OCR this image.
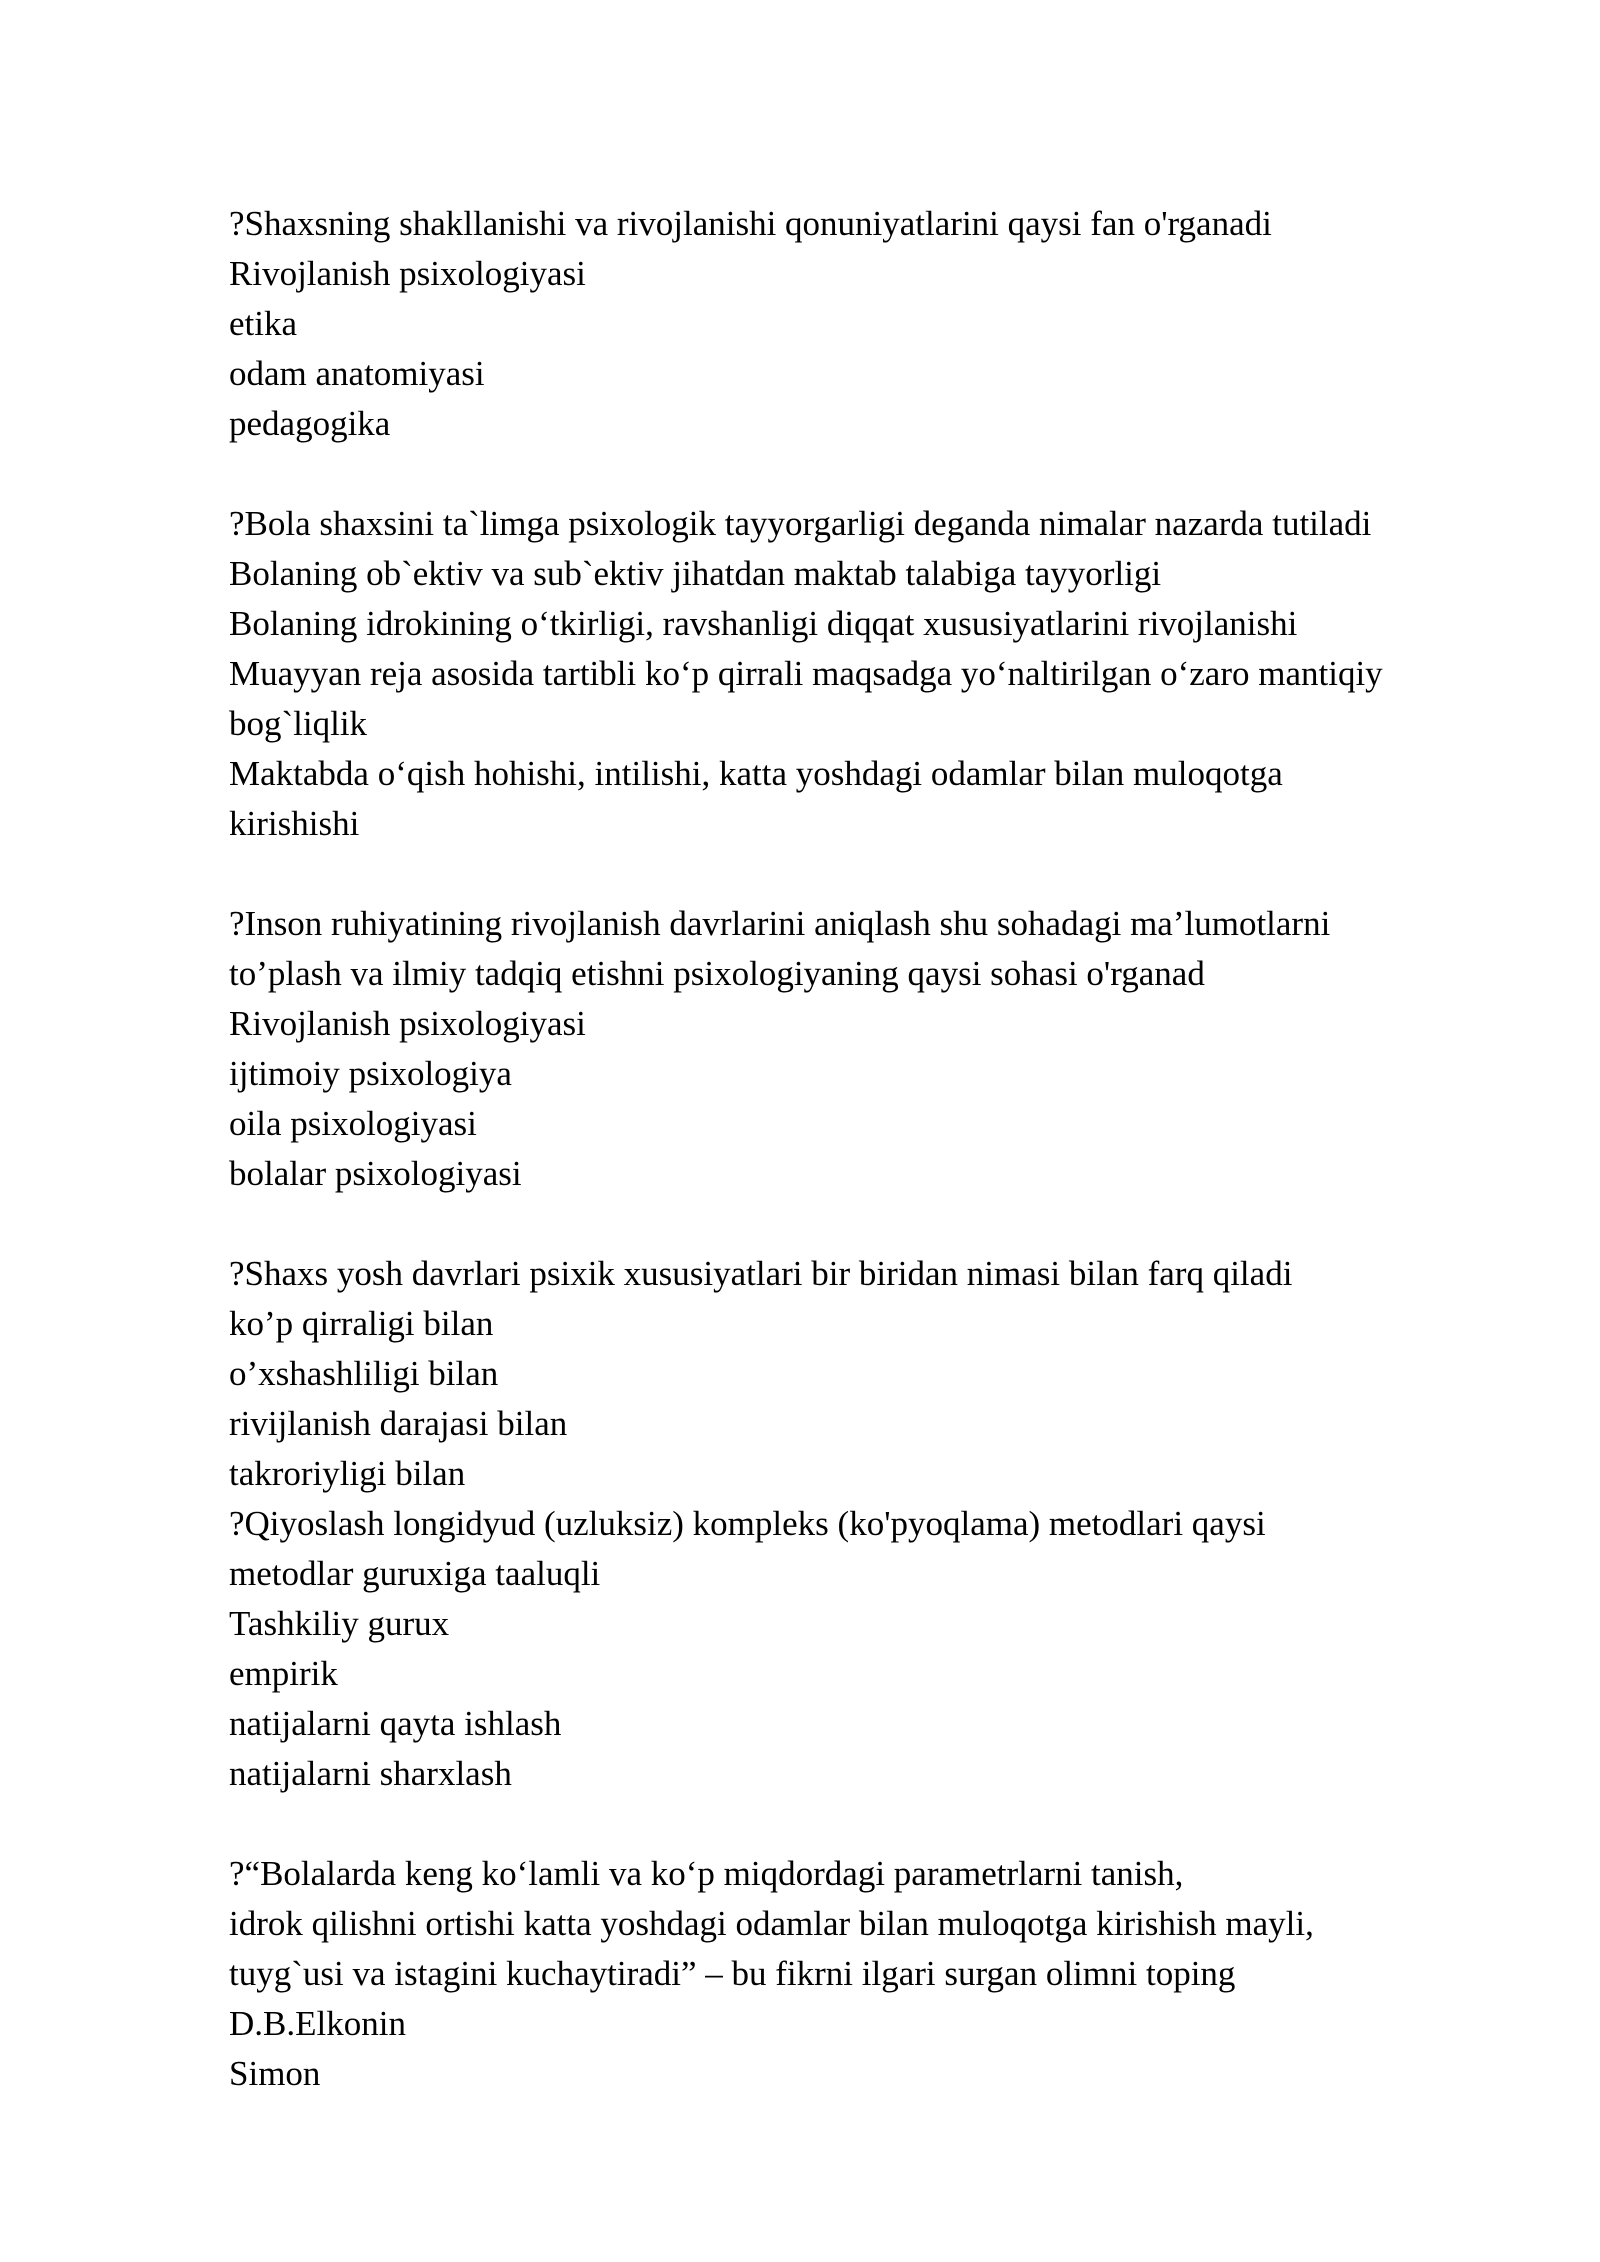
?Shaxsning shakllanishi va rivojlanishi qonuniyatlarini qaysi fan o'rganadi
Rivojlanish psixologiyasi
etika
odam anatomiyasi
pedagogika
?Bola shaxsini ta`limga psixologik tayyorgarligi deganda nimalar nazarda tutiladi
Bolaning ob`ektiv va sub`ektiv jihatdan maktab talabiga tayyorligi
Bolaning idrokining o‘tkirligi, ravshanligi diqqat xususiyatlarini rivojlanishi
Muayyan reja asosida tartibli ko‘p qirrali maqsadga yo‘naltirilgan o‘zaro mantiqiy
bog`liqlik
Maktabda o‘qish hohishi, intilishi, katta yoshdagi odamlar bilan muloqotga
kirishishi
?Inson ruhiyatining rivojlanish davrlarini aniqlash shu sohadagi ma’lumotlarni
to’plash va ilmiy tadqiq etishni psixologiyaning qaysi sohasi o'rganad
Rivojlanish psixologiyasi
ijtimoiy psixologiya
oila psixologiyasi
bolalar psixologiyasi
?Shaxs yosh davrlari psixik xususiyatlari bir biridan nimasi bilan farq qiladi
ko’p qirraligi bilan
o’xshashliligi bilan
rivijlanish darajasi bilan
takroriyligi bilan
?Qiyoslash longidyud (uzluksiz) kompleks (ko'pyoqlama) metodlari qaysi
metodlar guruxiga taaluqli
Tashkiliy gurux
empirik
natijalarni qayta ishlash
natijalarni sharxlash
?“Bolalarda keng ko‘lamli va ko‘p miqdordagi parametrlarni tanish,
idrok qilishni ortishi katta yoshdagi odamlar bilan muloqotga kirishish mayli,
tuyg`usi va istagini kuchaytiradi” – bu fikrni ilgari surgan olimni toping
D.B.Elkonin
Simon
